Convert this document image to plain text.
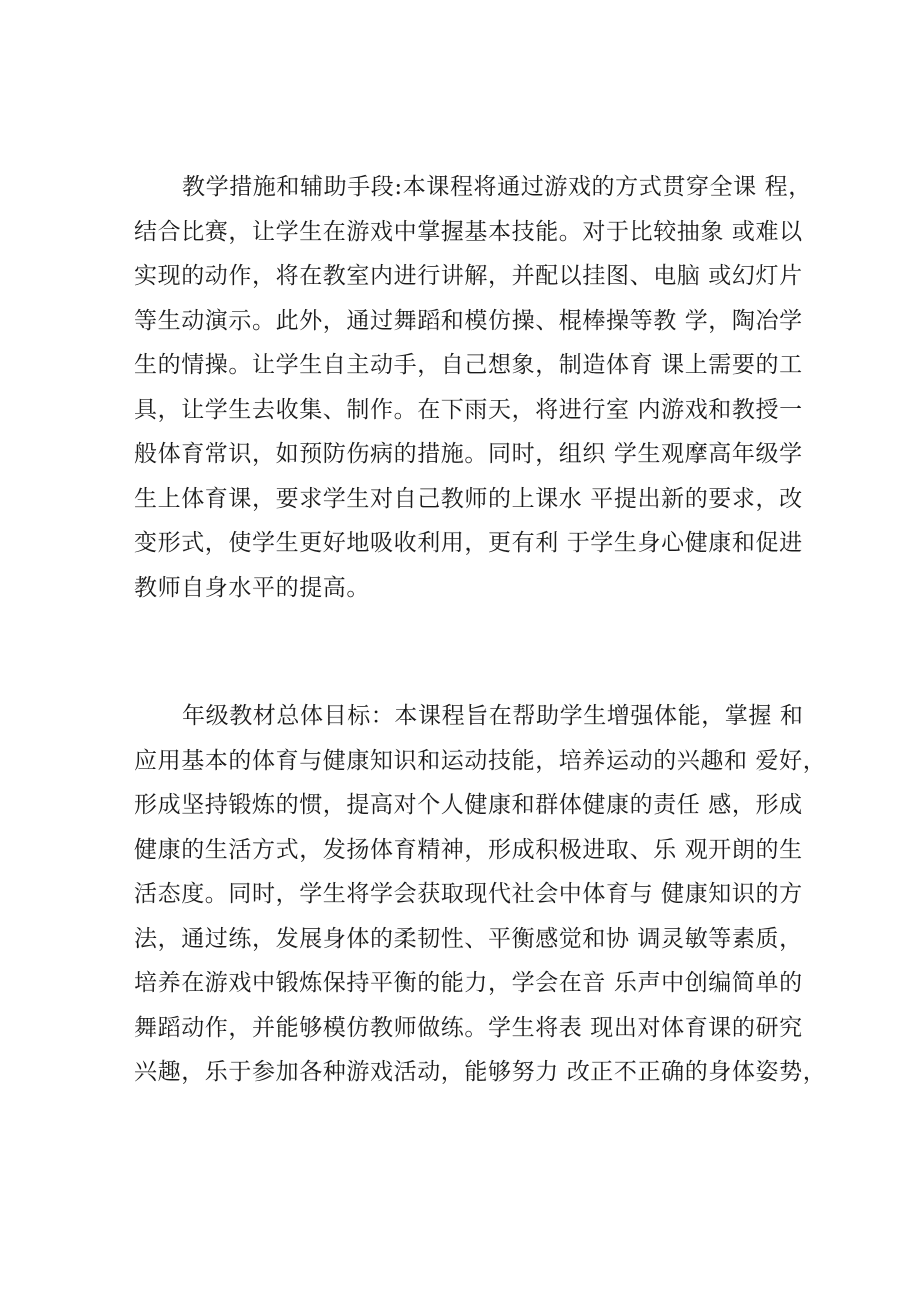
教学措施和辅助手段:本课程将通过游戏的方式贯穿全课 程，
结合比赛，让学生在游戏中掌握基本技能。对于比较抽象 或难以
实现的动作，将在教室内进行讲解，并配以挂图、电脑 或幻灯片
等生动演示。此外，通过舞蹈和模仿操、棍棒操等教 学，陶冶学
生的情操。让学生自主动手，自己想象，制造体育 课上需要的工
具，让学生去收集、制作。在下雨天，将进行室 内游戏和教授一
般体育常识，如预防伤病的措施。同时，组织 学生观摩高年级学
生上体育课，要求学生对自己教师的上课水 平提出新的要求，改
变形式，使学生更好地吸收利用，更有利 于学生身心健康和促进
教师自身水平的提高。
年级教材总体目标：本课程旨在帮助学生增强体能，掌握 和
应用基本的体育与健康知识和运动技能，培养运动的兴趣和 爱好，
形成坚持锻炼的惯，提高对个人健康和群体健康的责任 感，形成
健康的生活方式，发扬体育精神，形成积极进取、乐 观开朗的生
活态度。同时，学生将学会获取现代社会中体育与 健康知识的方
法，通过练，发展身体的柔韧性、平衡感觉和协 调灵敏等素质，
培养在游戏中锻炼保持平衡的能力，学会在音 乐声中创编简单的
舞蹈动作，并能够模仿教师做练。学生将表 现出对体育课的研究
兴趣，乐于参加各种游戏活动，能够努力 改正不正确的身体姿势，
